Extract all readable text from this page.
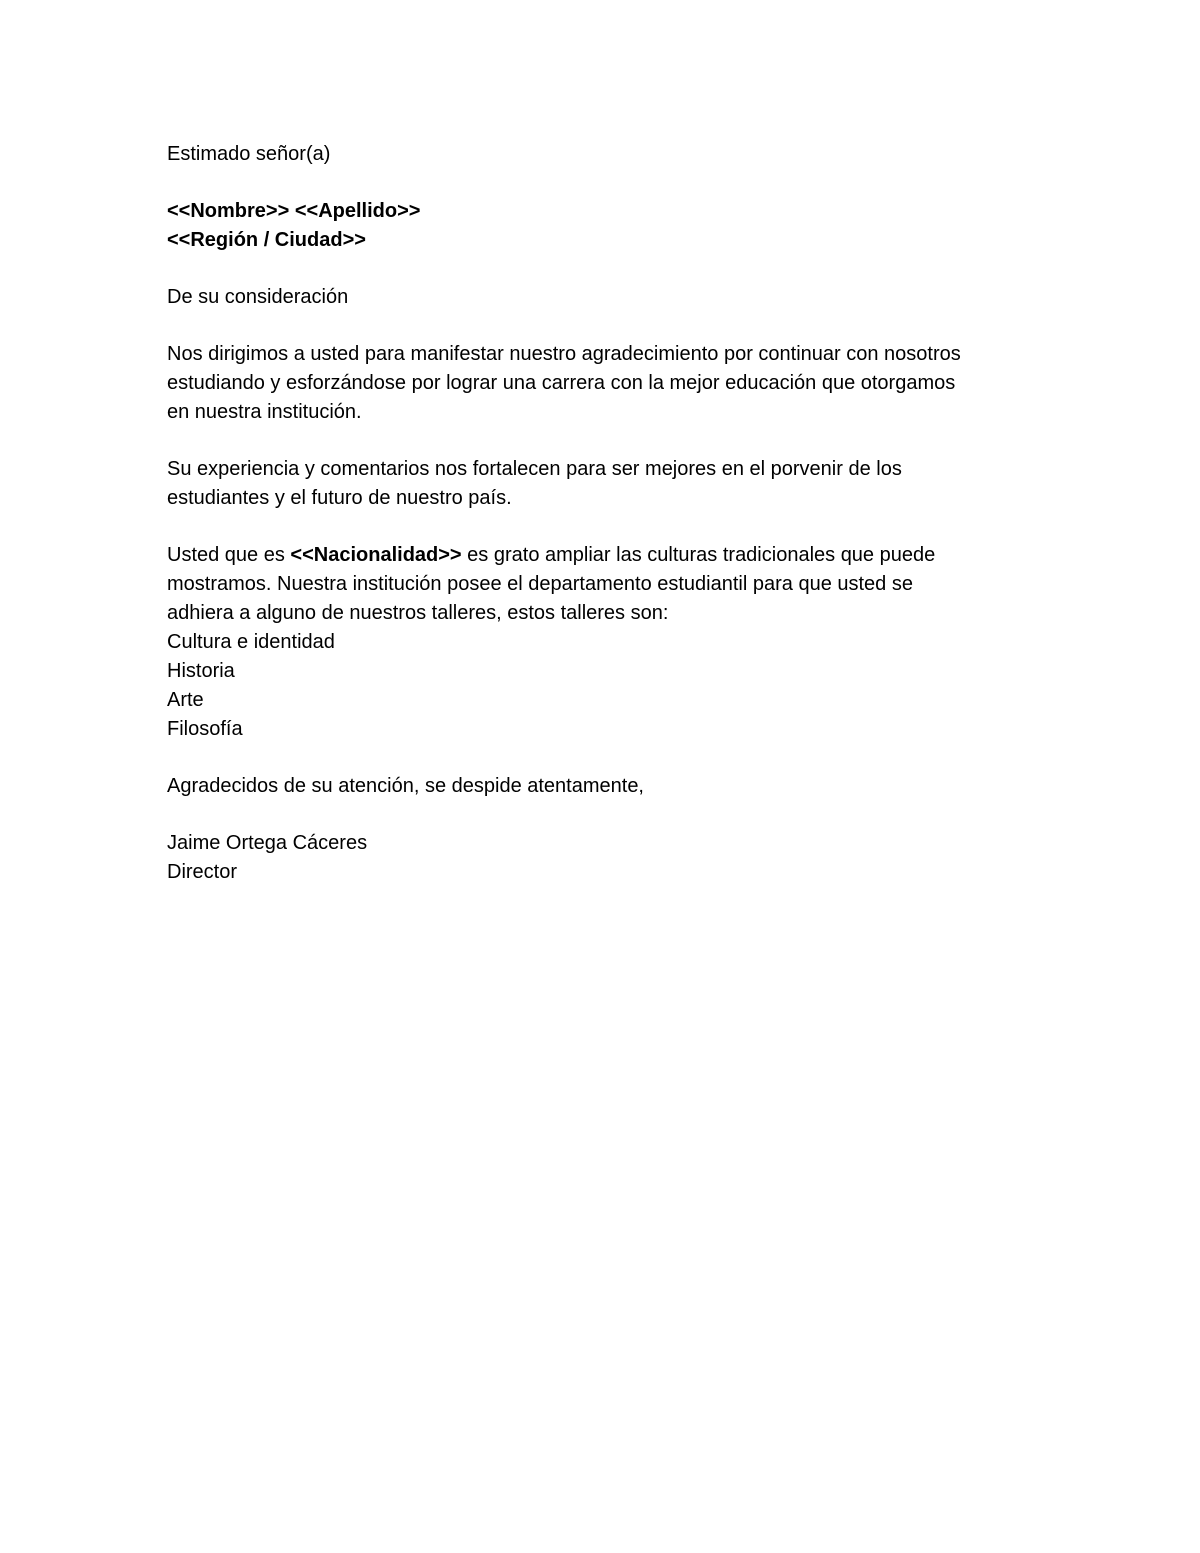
Estimado señor(a)
<<Nombre>> <<Apellido>>
<<Región / Ciudad>>
De su consideración
Nos dirigimos a usted para manifestar nuestro agradecimiento por continuar con nosotros
estudiando y esforzándose por lograr una carrera con la mejor educación que otorgamos
en nuestra institución.
Su experiencia y comentarios nos fortalecen para ser mejores en el porvenir de los
estudiantes y el futuro de nuestro país.
Usted que es <<Nacionalidad>> es grato ampliar las culturas tradicionales que puede
mostramos. Nuestra institución posee el departamento estudiantil para que usted se
adhiera a alguno de nuestros talleres, estos talleres son:
Cultura e identidad
Historia
Arte
Filosofía
Agradecidos de su atención, se despide atentamente,
Jaime Ortega Cáceres
Director
